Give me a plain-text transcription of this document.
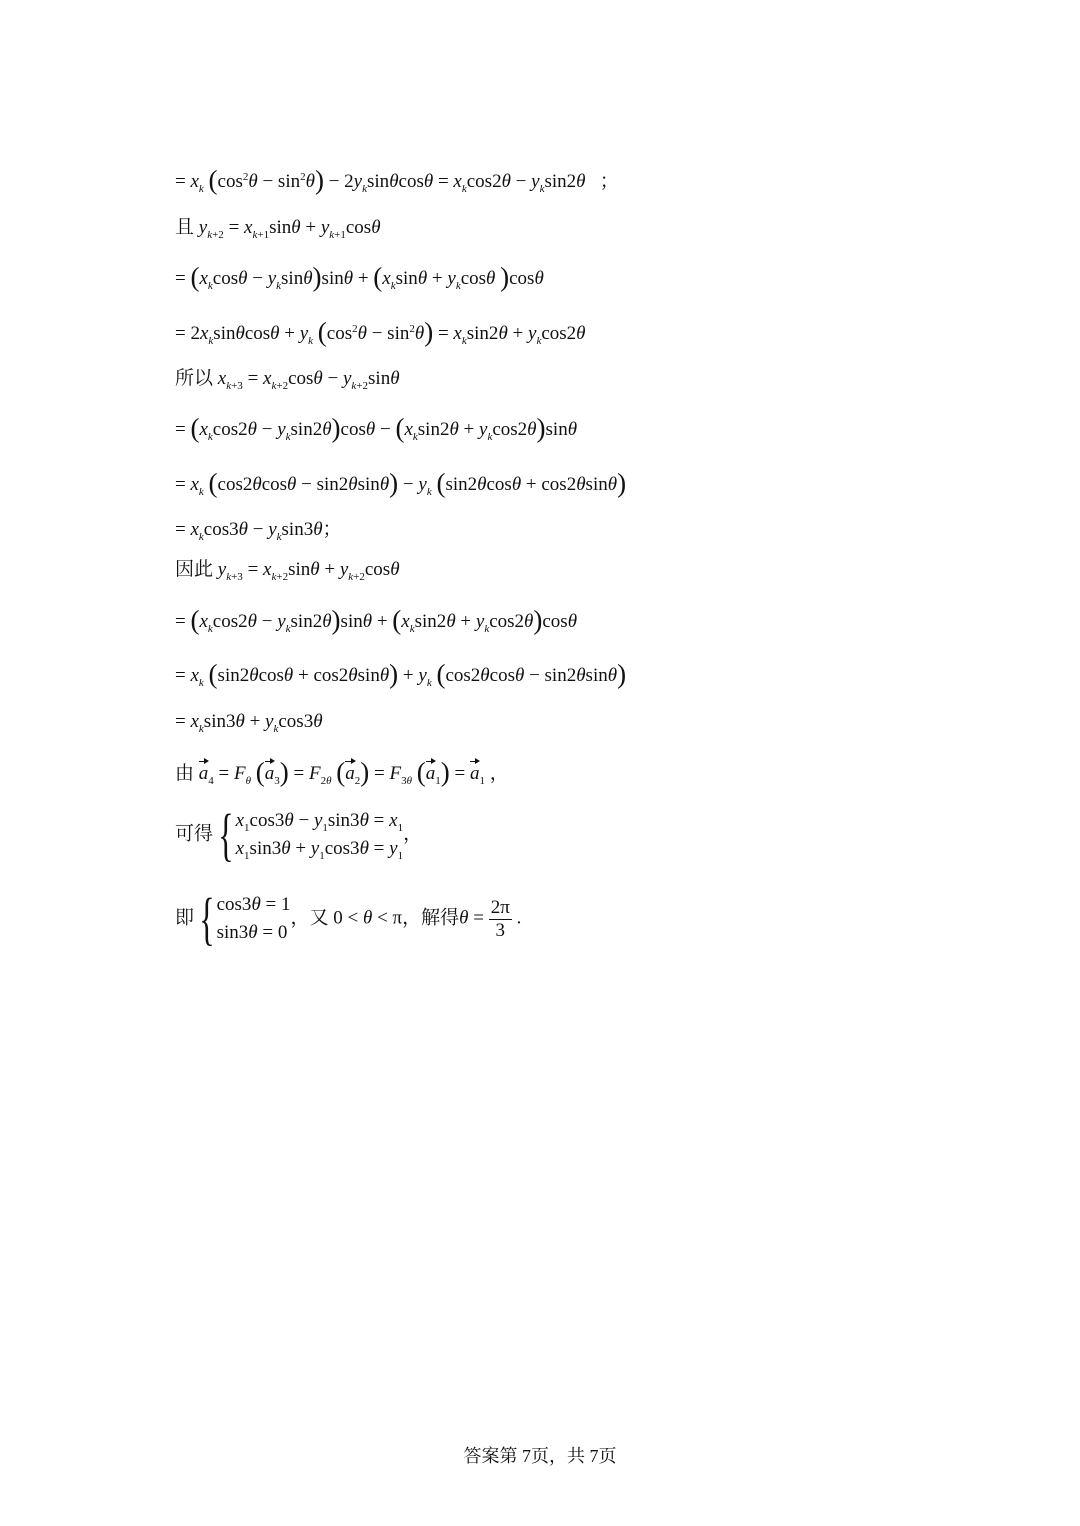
= $x_k$ $(\cos^2\theta - \sin^2\theta) - 2y_k\sin\theta\cos\theta = x_k\cos 2\theta - y_k\sin 2\theta$ ；
且 $y_{k+2} = x_{k+1}\sin\theta + y_{k+1}\cos\theta$
= $(x_k\cos\theta - y_k\sin\theta)\sin\theta + (x_k\sin\theta + y_k\cos\theta$ )cosθ
= $2x_k\sin\theta\cos\theta + y_k$ $(\cos^2\theta - \sin^2\theta) = x_k\sin 2\theta + y_k\cos 2\theta$
所以 $x_{k+3} = x_{k+2}\cos\theta - y_{k+2}\sin\theta$
= $(x_k\cos 2\theta - y_k\sin 2\theta)\cos\theta - (x_k\sin 2\theta + y_k\cos 2\theta)\sin\theta$
= $x_k$ $(\cos 2\theta\cos\theta - \sin 2\theta\sin\theta) - y_k$ (sin2θcosθ + cos2θsinθ)
= $x_k\cos 3\theta - y_k\sin 3\theta$；
因此 $y_{k+3} = x_{k+2}\sin\theta + y_{k+2}\cos\theta$
= $(x_k\cos 2\theta - y_k\sin 2\theta)\sin\theta + (x_k\sin 2\theta + y_k\cos 2\theta)\cos\theta$
= $x_k$ $(\sin 2\theta\cos\theta + \cos 2\theta\sin\theta) + y_k$ (cos2θcosθ − sin2θsinθ)
= $x_k\sin 3\theta + y_k\cos 3\theta$
由 $a_4 = F_\theta$ $(a_3) = F_{2\theta}$ $(a_2) = F_{3\theta}$ $(a_1) = a_1$ ，
可得 { $x_1\cos 3\theta - y_1\sin 3\theta = x_1$
$x_1\sin 3\theta + y_1\cos 3\theta = y_1$
，
即 { cos3θ = 1
sin3θ = 0
，又 0 < θ < π，解得$\theta = \frac{2\pi}{3}$ .
答案第 7页，共 7页
